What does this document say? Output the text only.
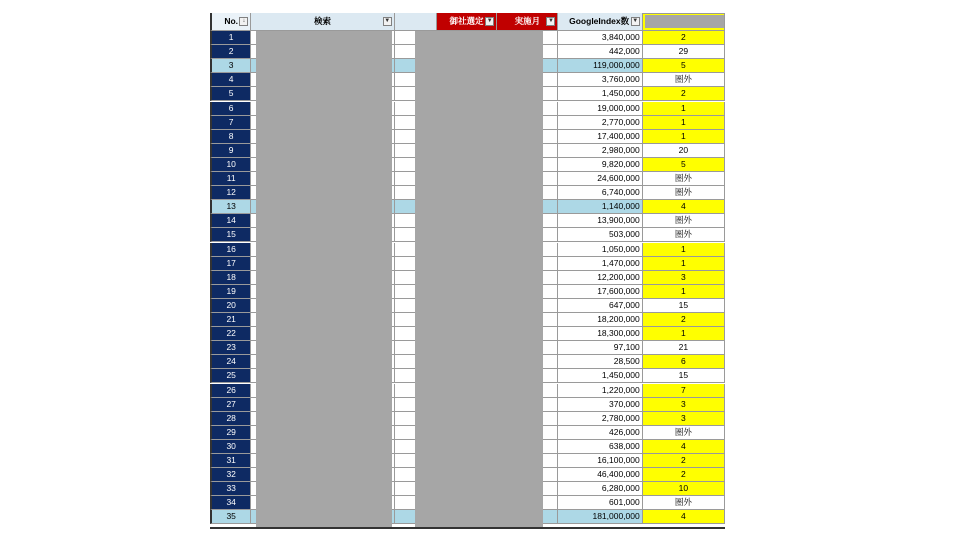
No. ↓	検索	▼	御社選定 ▼	実施月 ▼	GoogleIndex数 ▼
1	3,840,000	2
2	442,000	29
3	119,000,000	5
4	3,760,000	圏外
5	1,450,000	2
6	19,000,000	1
7	2,770,000	1
8	17,400,000	1
9	2,980,000	20
10	9,820,000	5
11	24,600,000	圏外
12	6,740,000	圏外
13	1,140,000	4
14	13,900,000	圏外
15	503,000	圏外
16	1,050,000	1
17	1,470,000	1
18	12,200,000	3
19	17,600,000	1
20	647,000	15
21	18,200,000	2
22	18,300,000	1
23	97,100	21
24	28,500	6
25	1,450,000	15
26	1,220,000	7
27	370,000	3
28	2,780,000	3
29	426,000	圏外
30	638,000	4
31	16,100,000	2
32	46,400,000	2
33	6,280,000	10
34	601,000	圏外
35	181,000,000	4
